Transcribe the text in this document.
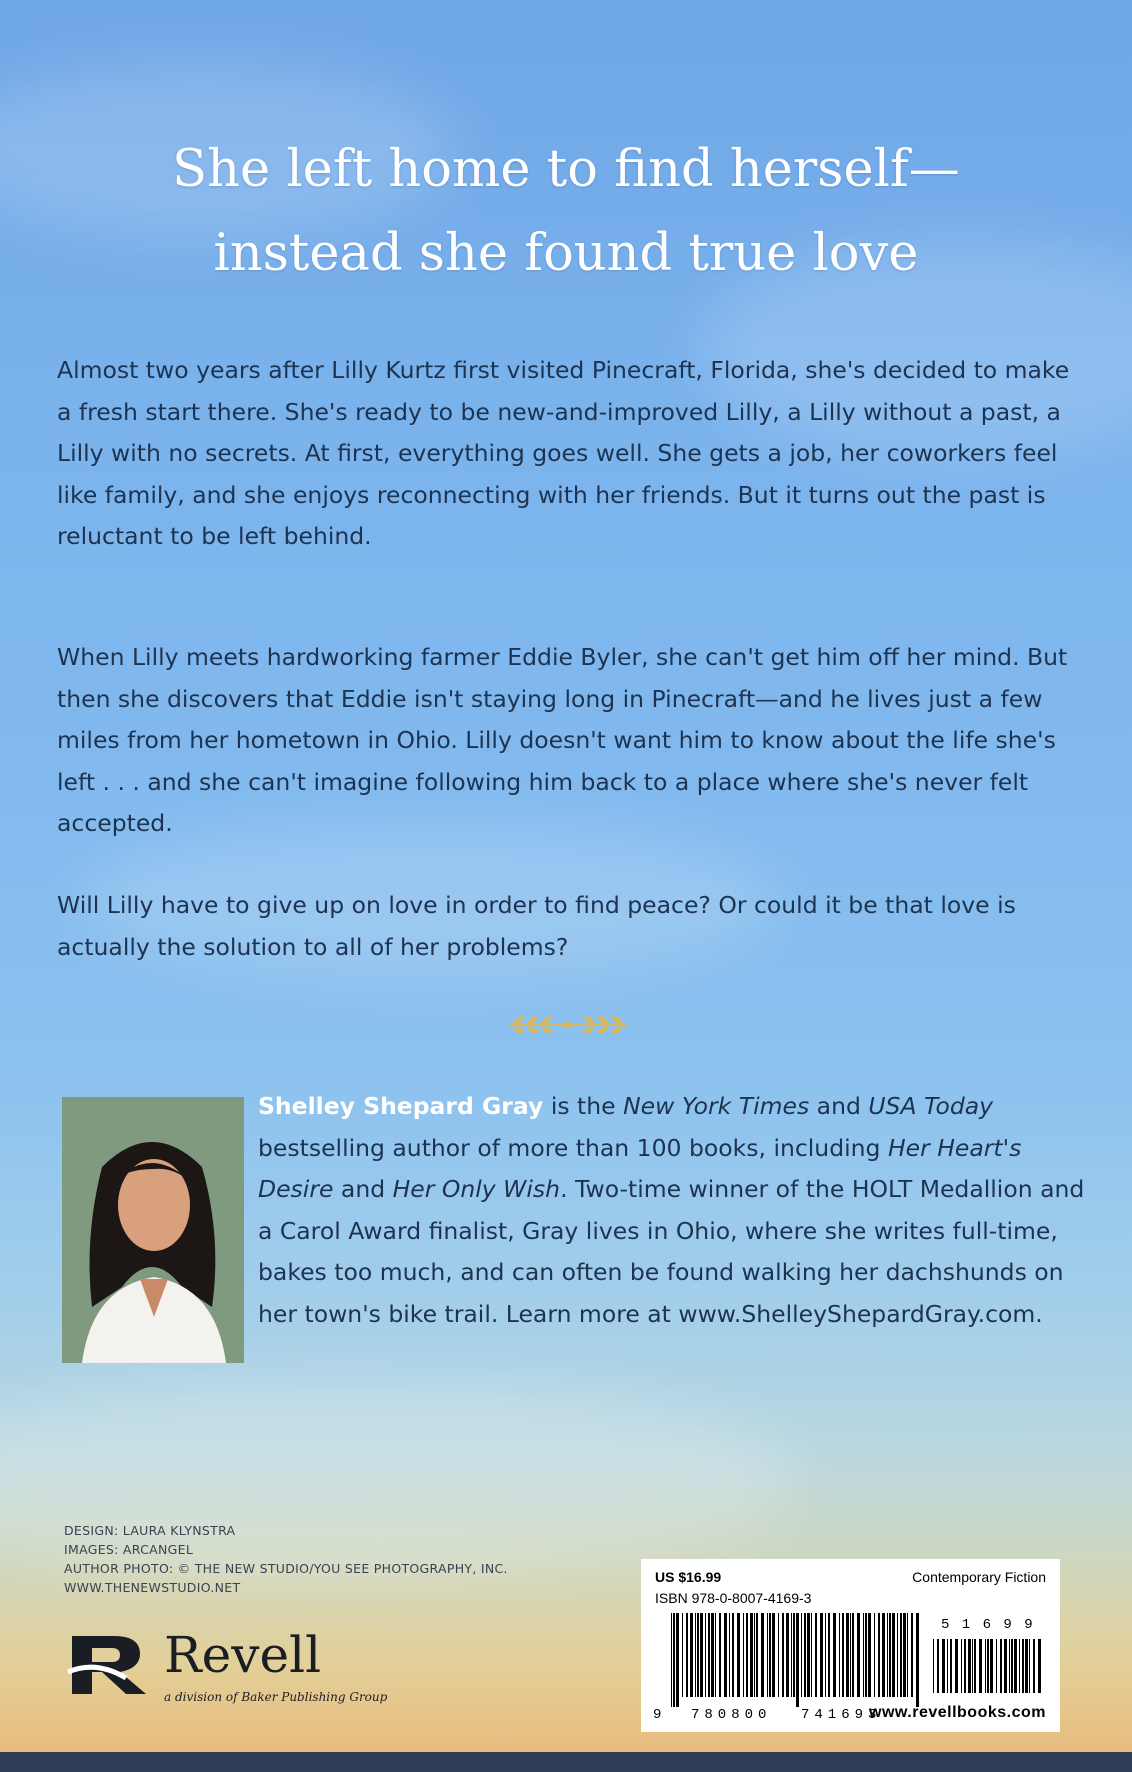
She left home to find herself—
instead she found true love
Almost two years after Lilly Kurtz first visited Pinecraft, Florida, she's decided to make a fresh start there. She's ready to be new-and-improved Lilly, a Lilly without a past, a Lilly with no secrets. At first, everything goes well. She gets a job, her coworkers feel like family, and she enjoys reconnecting with her friends. But it turns out the past is reluctant to be left behind.
When Lilly meets hardworking farmer Eddie Byler, she can't get him off her mind. But then she discovers that Eddie isn't staying long in Pinecraft—and he lives just a few miles from her hometown in Ohio. Lilly doesn't want him to know about the life she's left . . . and she can't imagine following him back to a place where she's never felt accepted.
Will Lilly have to give up on love in order to find peace? Or could it be that love is actually the solution to all of her problems?
Shelley Shepard Gray is the New York Times and USA Today bestselling author of more than 100 books, including Her Heart's Desire and Her Only Wish. Two-time winner of the HOLT Medallion and a Carol Award finalist, Gray lives in Ohio, where she writes full-time, bakes too much, and can often be found walking her dachshunds on her town's bike trail. Learn more at www.ShelleyShepardGray.com.
DESIGN: LAURA KLYNSTRA
IMAGES: ARCANGEL
AUTHOR PHOTO: © THE NEW STUDIO/YOU SEE PHOTOGRAPHY, INC.
WWW.THENEWSTUDIO.NET
Revell
a division of Baker Publishing Group
US $16.99	Contemporary Fiction
ISBN 978-0-8007-4169-3
9 780800 741693
5 1 6 9 9
www.revellbooks.com
